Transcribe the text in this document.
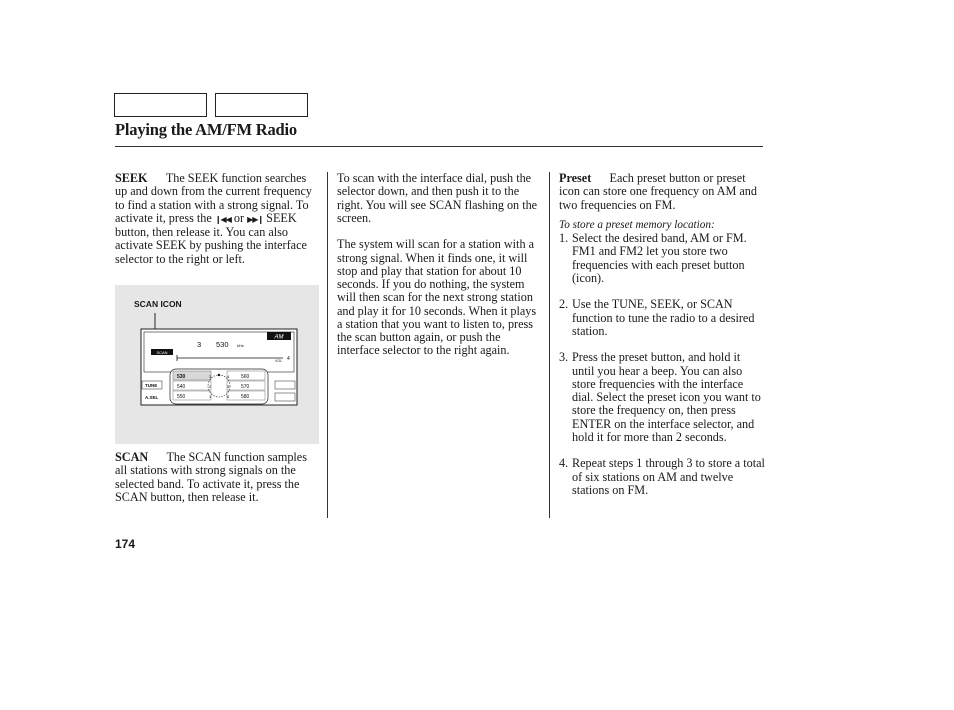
Playing the AM/FM Radio

SEEK The SEEK function searches up and down from the current frequency to find a station with a strong signal. To activate it, press the ❙◀◀ or ▶▶❙ SEEK button, then release it. You can also activate SEEK by pushing the interface selector to the right or left.

SCAN ICON
AM
3 530 kHz
SCAN
VOL 4
TUNE
A.SEL
530	3
540	2
550	1
4 560
5 570
6 580

SCAN The SCAN function samples all stations with strong signals on the selected band. To activate it, press the SCAN button, then release it.

To scan with the interface dial, push the selector down, and then push it to the right. You will see SCAN flashing on the screen.

The system will scan for a station with a strong signal. When it finds one, it will stop and play that station for about 10 seconds. If you do nothing, the system will then scan for the next strong station and play it for 10 seconds. When it plays a station that you want to listen to, press the scan button again, or push the interface selector to the right again.

Preset Each preset button or preset icon can store one frequency on AM and two frequencies on FM.

To store a preset memory location:

1. Select the desired band, AM or FM. FM1 and FM2 let you store two frequencies with each preset button (icon).
2. Use the TUNE, SEEK, or SCAN function to tune the radio to a desired station.
3. Press the preset button, and hold it until you hear a beep. You can also store frequencies with the interface dial. Select the preset icon you want to store the frequency on, then press ENTER on the interface selector, and hold it for more than 2 seconds.
4. Repeat steps 1 through 3 to store a total of six stations on AM and twelve stations on FM.
174
